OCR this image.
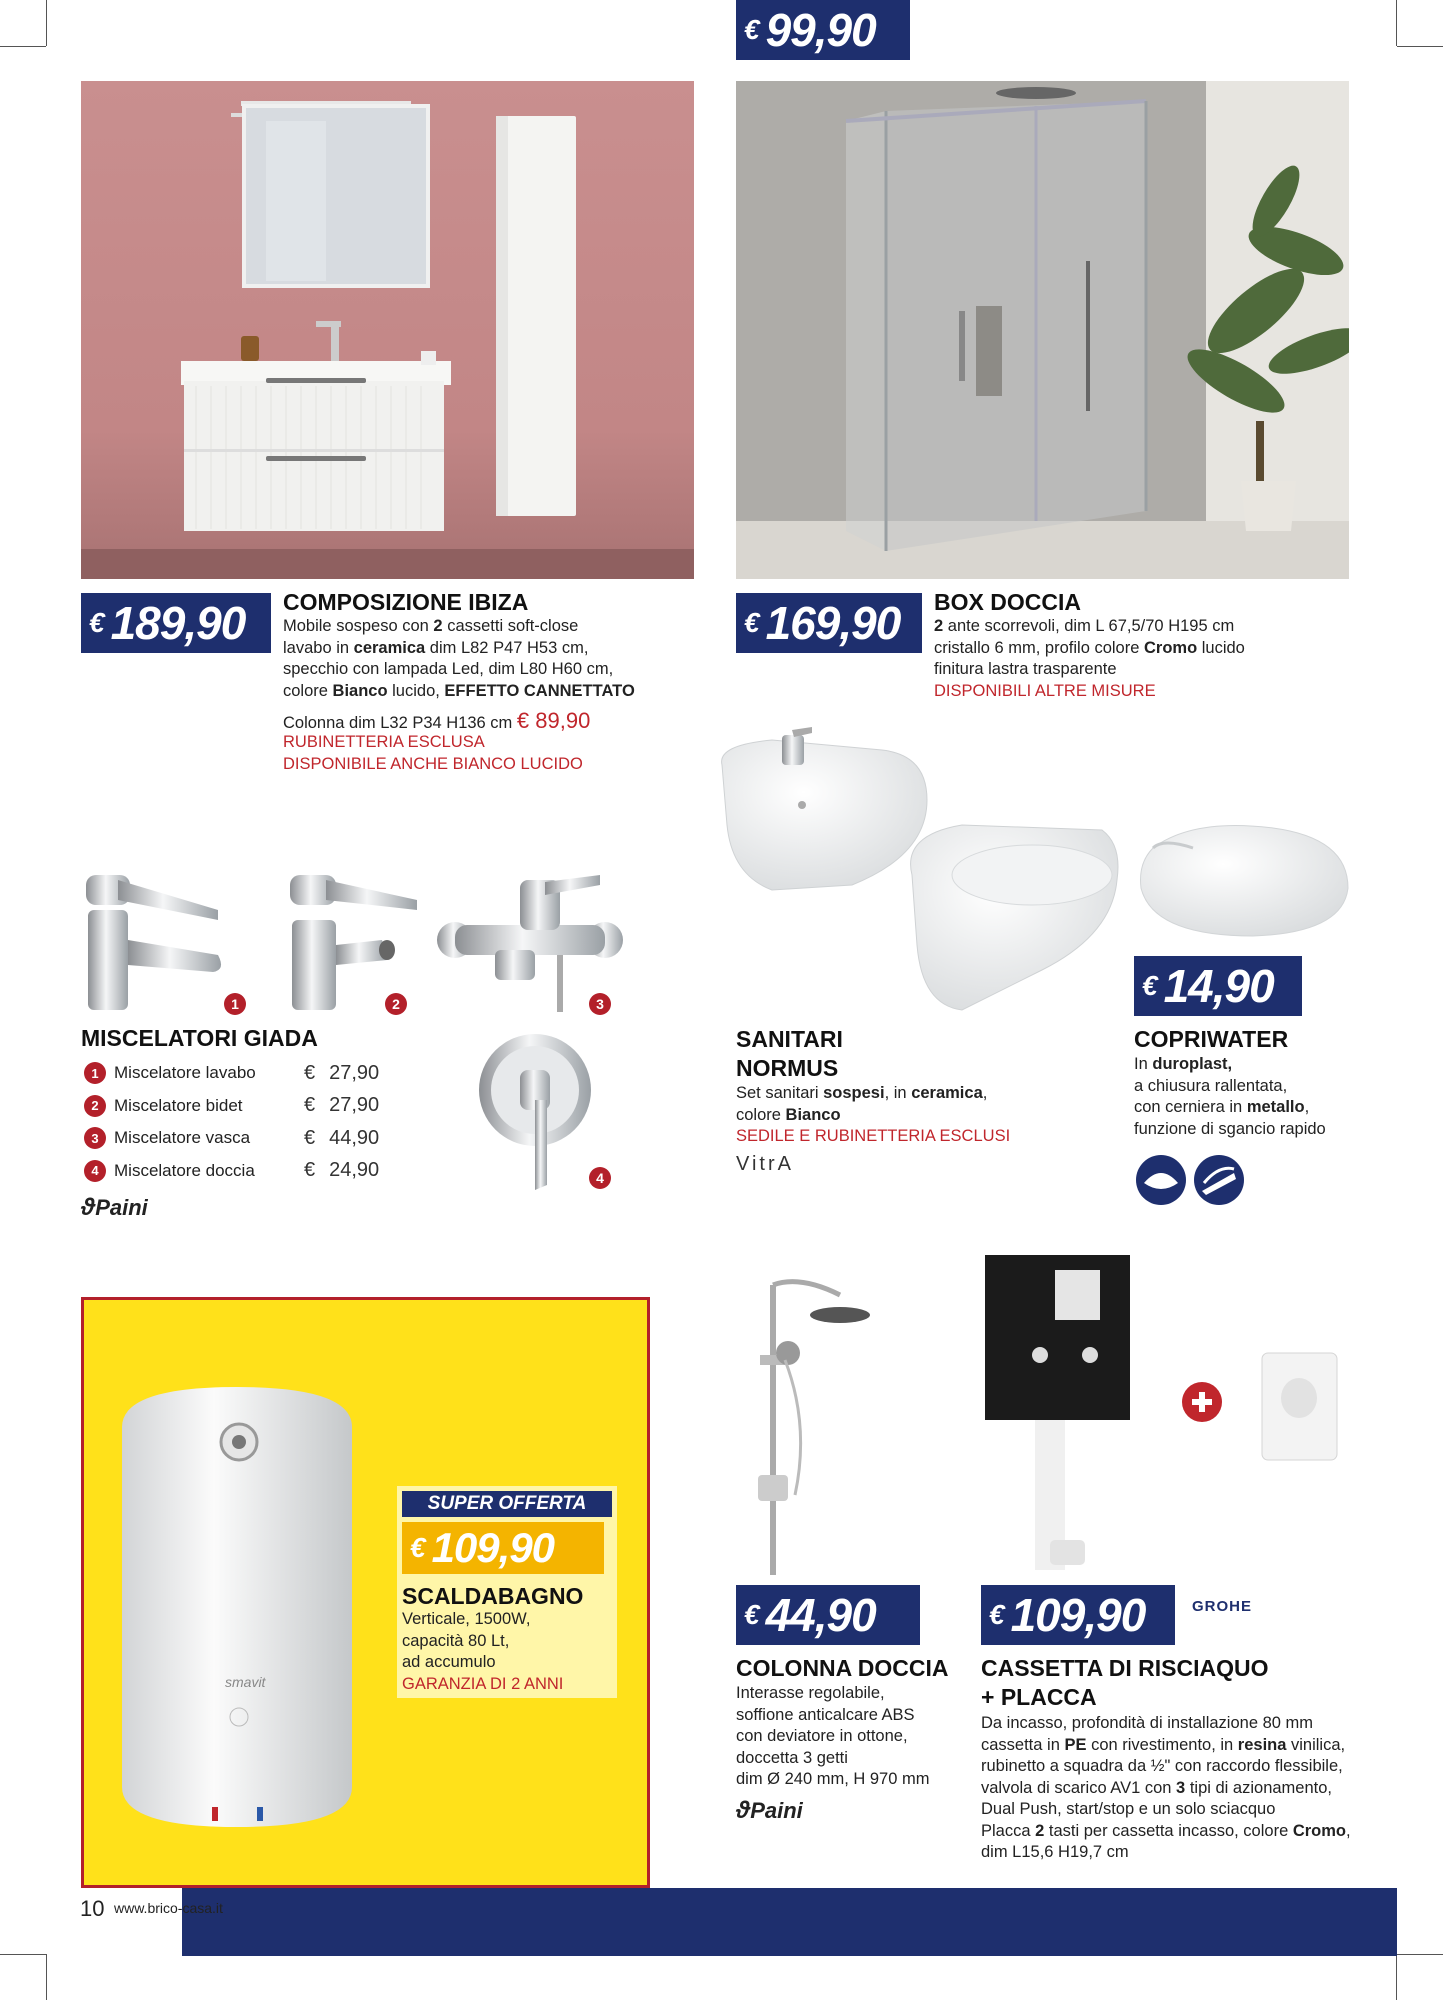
€ 189,90 COMPOSIZIONE IBIZA
Mobile sospeso con 2 cassetti soft-close
lavabo in ceramica dim L82 P47 H53 cm,
specchio con lampada Led, dim L80 H60 cm,
colore Bianco lucido, EFFETTO CANNETTATO
Colonna dim L32 P34 H136 cm € 89,90
RUBINETTERIA ESCLUSA
DISPONIBILE ANCHE BIANCO LUCIDO
€ 169,90 BOX DOCCIA
2 ante scorrevoli, dim L 67,5/70 H195 cm
cristallo 6 mm, profilo colore Cromo lucido
finitura lastra trasparente
DISPONIBILI ALTRE MISURE
1	2	3
4
MISCELATORI GIADA
1 Miscelatore lavabo	€ 27,90
2 Miscelatore bidet	€ 27,90
3 Miscelatore vasca	€ 44,90
4 Miscelatore doccia	€ 24,90
ϑPaini
€ 99,90
SANITARI
NORMUS
Set sanitari sospesi, in ceramica,
colore Bianco
SEDILE E RUBINETTERIA ESCLUSI
VitrA
€ 14,90
COPRIWATER
In duroplast,
a chiusura rallentata,
con cerniera in metallo,
funzione di sgancio rapido
smavit
SUPER OFFERTA
€ 109,90
SCALDABAGNO
Verticale, 1500W,
capacità 80 Lt,
ad accumulo
GARANZIA DI 2 ANNI
€ 44,90
COLONNA DOCCIA
Interasse regolabile,
soffione anticalcare ABS
con deviatore in ottone,
doccetta 3 getti
dim Ø 240 mm, H 970 mm
ϑPaini
€ 109,90	GROHE
CASSETTA DI RISCIAQUO
+ PLACCA
Da incasso, profondità di installazione 80 mm
cassetta in PE con rivestimento, in resina vinilica,
rubinetto a squadra da ½" con raccordo flessibile,
valvola di scarico AV1 con 3 tipi di azionamento,
Dual Push, start/stop e un solo sciacquo
Placca 2 tasti per cassetta incasso, colore Cromo,
dim L15,6 H19,7 cm
10 www.brico-casa.it
